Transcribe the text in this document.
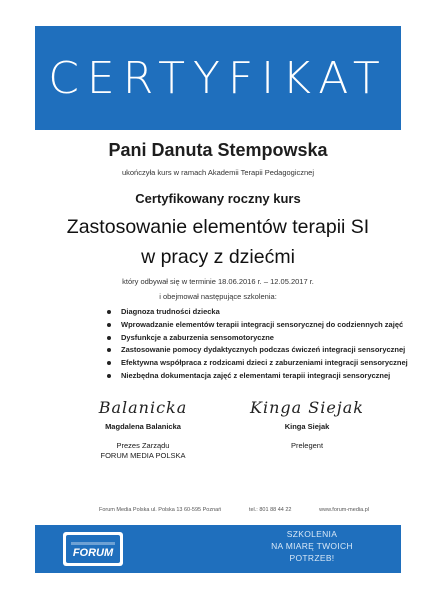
CERTYFIKAT
Pani Danuta Stempowska
ukończyła kurs w ramach Akademii Terapii Pedagogicznej
Certyfikowany roczny kurs
Zastosowanie elementów terapii SI
w pracy z dziećmi
który odbywał się w terminie 18.06.2016 r. – 12.05.2017 r.
i obejmował następujące szkolenia:
Diagnoza trudności dziecka
Wprowadzanie elementów terapii integracji sensorycznej do codziennych zajęć
Dysfunkcje a zaburzenia sensomotoryczne
Zastosowanie pomocy dydaktycznych podczas ćwiczeń integracji sensorycznej
Efektywna współpraca z rodzicami dzieci z zaburzeniami integracji sensorycznej
Niezbędna dokumentacja zajęć z elementami terapii integracji sensorycznej
Balanicka
Magdalena Balanicka
Prezes Zarządu
FORUM MEDIA POLSKA
Kinga Siejak
Kinga Siejak
Prelegent
Forum Media Polska ul. Polska 13 60-595 Poznań	tel.: 801 88 44 22	www.forum-media.pl
FORUM
SZKOLENIA
NA MIARĘ TWOICH
POTRZEB!
